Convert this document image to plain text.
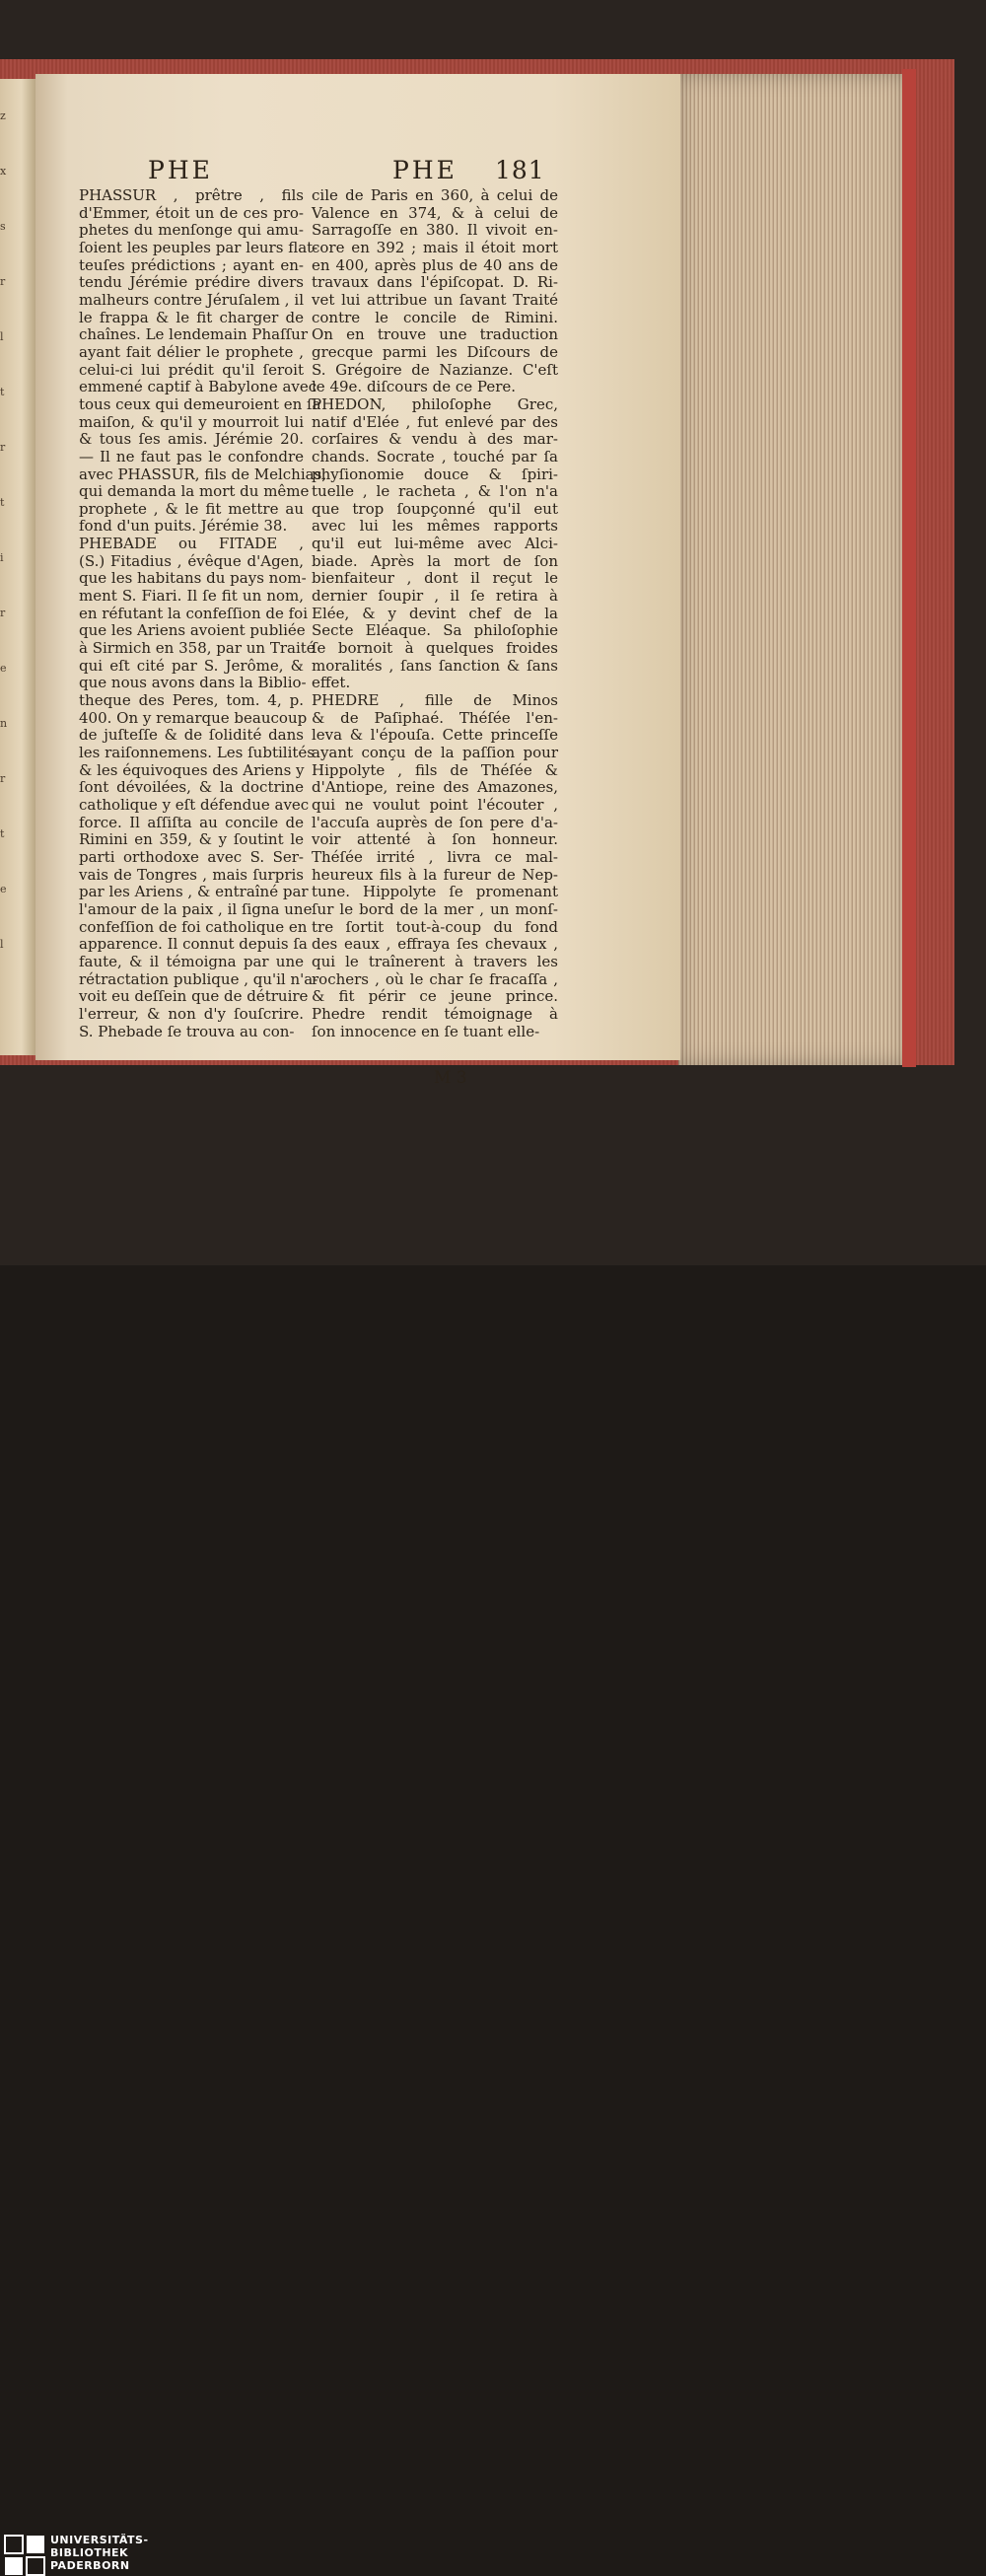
z
x
s
r
l
t
r
t
i
r
e
n
r
t
e
l
PHE	PHE 181
PHASSUR , prêtre , fils
d'Emmer, étoit un de ces pro-
phetes du menſonge qui amu-
ſoient les peuples par leurs flat-
teuſes prédictions ; ayant en-
tendu Jérémie prédire divers
malheurs contre Jéruſalem , il
le frappa & le fit charger de
chaînes. Le lendemain Phaſſur
ayant fait délier le prophete ,
celui-ci lui prédit qu'il ſeroit
emmené captif à Babylone avec
tous ceux qui demeuroient en ſa
maiſon, & qu'il y mourroit lui
& tous ſes amis. Jérémie 20.
— Il ne faut pas le confondre
avec PHASSUR, fils de Melchias,
qui demanda la mort du même
prophete , & le fit mettre au
fond d'un puits. Jérémie 38.
PHEBADE ou FITADE ,
(S.) Fitadius , évêque d'Agen,
que les habitans du pays nom-
ment S. Fiari. Il ſe fit un nom,
en réfutant la confeſſion de foi
que les Ariens avoient publiée
à Sirmich en 358, par un Traité
qui eſt cité par S. Jerôme, &
que nous avons dans la Biblio-
theque des Peres, tom. 4, p.
400. On y remarque beaucoup
de juſteſſe & de ſolidité dans
les raiſonnemens. Les ſubtilités
& les équivoques des Ariens y
ſont dévoilées, & la doctrine
catholique y eſt défendue avec
force. Il aſſiſta au concile de
Rimini en 359, & y ſoutint le
parti orthodoxe avec S. Ser-
vais de Tongres , mais ſurpris
par les Ariens , & entraîné par
l'amour de la paix , il ſigna une
confeſſion de foi catholique en
apparence. Il connut depuis ſa
faute, & il témoigna par une
rétractation publique , qu'il n'a-
voit eu deſſein que de détruire
l'erreur, & non d'y ſouſcrire.
S. Phebade ſe trouva au con-
cile de Paris en 360, à celui de
Valence en 374, & à celui de
Sarragoſſe en 380. Il vivoit en-
core en 392 ; mais il étoit mort
en 400, après plus de 40 ans de
travaux dans l'épiſcopat. D. Ri-
vet lui attribue un ſavant Traité
contre le concile de Rimini.
On en trouve une traduction
grecque parmi les Diſcours de
S. Grégoire de Nazianze. C'eſt
le 49e. diſcours de ce Pere.
PHEDON, philoſophe Grec,
natif d'Elée , fut enlevé par des
corſaires & vendu à des mar-
chands. Socrate , touché par ſa
phyſionomie douce & ſpiri-
tuelle , le racheta , & l'on n'a
que trop ſoupçonné qu'il eut
avec lui les mêmes rapports
qu'il eut lui-même avec Alci-
biade. Après la mort de ſon
bienfaiteur , dont il reçut le
dernier ſoupir , il ſe retira à
Elée, & y devint chef de la
Secte Eléaque. Sa philoſophie
ſe bornoit à quelques froides
moralités , ſans ſanction & ſans
effet.
PHEDRE , fille de Minos
& de Paſiphaé. Théſée l'en-
leva & l'épouſa. Cette princeſſe
ayant conçu de la paſſion pour
Hippolyte , fils de Théſée &
d'Antiope, reine des Amazones,
qui ne voulut point l'écouter ,
l'accuſa auprès de ſon pere d'a-
voir attenté à ſon honneur.
Théſée irrité , livra ce mal-
heureux fils à la fureur de Nep-
tune. Hippolyte ſe promenant
ſur le bord de la mer , un monſ-
tre ſortit tout-à-coup du fond
des eaux , effraya ſes chevaux ,
qui le traînerent à travers les
rochers , où le char ſe fracaſſa ,
& fit périr ce jeune prince.
Phedre rendit témoignage à
ſon innocence en ſe tuant elle-
M 3
UNIVERSITÄTS-
BIBLIOTHEK
PADERBORN
